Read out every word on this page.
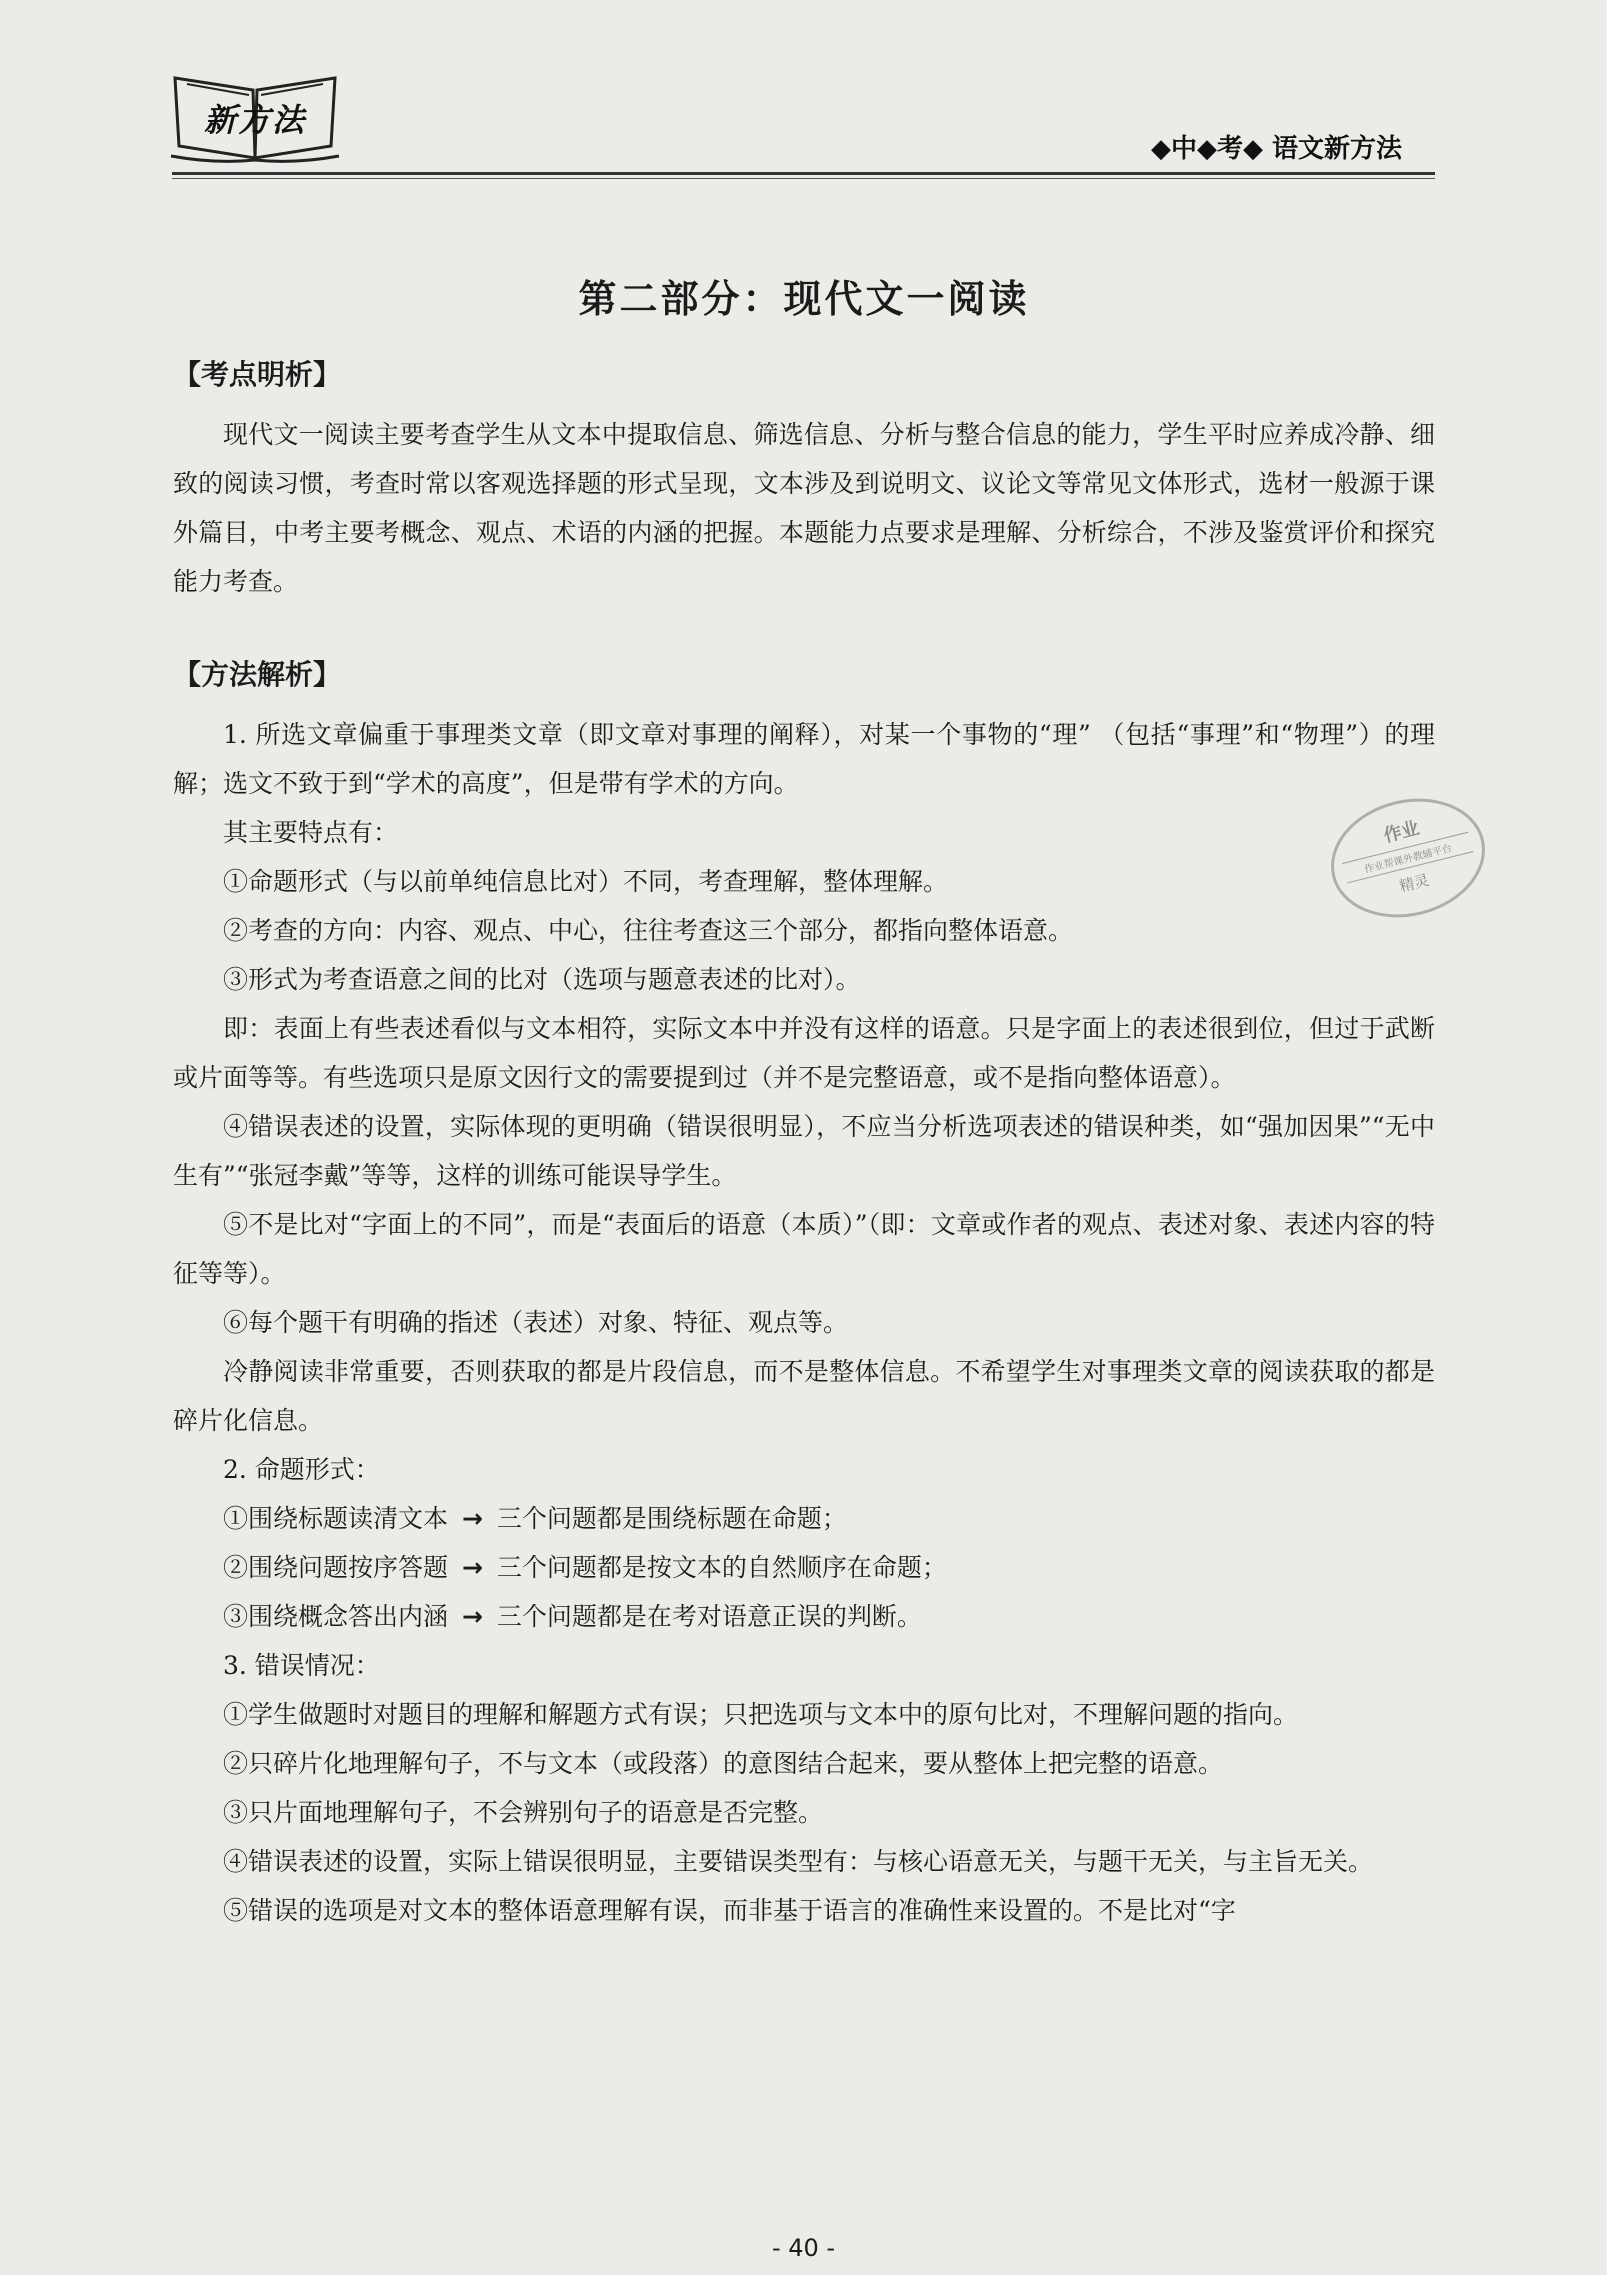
新方法
◆中◆考◆ 语文新方法
作业
作业帮课外教辅平台
精灵
第二部分：现代文一阅读
【考点明析】

现代文一阅读主要考查学生从文本中提取信息、筛选信息、分析与整合信息的能力，学生平时应养成冷静、细致的阅读习惯，考查时常以客观选择题的形式呈现，文本涉及到说明文、议论文等常见文体形式，选材一般源于课外篇目，中考主要考概念、观点、术语的内涵的把握。本题能力点要求是理解、分析综合，不涉及鉴赏评价和探究能力考查。

【方法解析】

1. 所选文章偏重于事理类文章（即文章对事理的阐释），对某一个事物的“理” （包括“事理”和“物理”）的理解；选文不致于到“学术的高度”，但是带有学术的方向。

其主要特点有：

①命题形式（与以前单纯信息比对）不同，考查理解，整体理解。

②考查的方向：内容、观点、中心，往往考查这三个部分，都指向整体语意。

③形式为考查语意之间的比对（选项与题意表述的比对）。

即：表面上有些表述看似与文本相符，实际文本中并没有这样的语意。只是字面上的表述很到位，但过于武断或片面等等。有些选项只是原文因行文的需要提到过（并不是完整语意，或不是指向整体语意）。

④错误表述的设置，实际体现的更明确（错误很明显），不应当分析选项表述的错误种类，如“强加因果”“无中生有”“张冠李戴”等等，这样的训练可能误导学生。

⑤不是比对“字面上的不同”，而是“表面后的语意（本质）”（即：文章或作者的观点、表述对象、表述内容的特征等等）。

⑥每个题干有明确的指述（表述）对象、特征、观点等。

冷静阅读非常重要，否则获取的都是片段信息，而不是整体信息。不希望学生对事理类文章的阅读获取的都是碎片化信息。

2. 命题形式：

①围绕标题读清文本 → 三个问题都是围绕标题在命题；

②围绕问题按序答题 → 三个问题都是按文本的自然顺序在命题；

③围绕概念答出内涵 → 三个问题都是在考对语意正误的判断。

3. 错误情况：

①学生做题时对题目的理解和解题方式有误；只把选项与文本中的原句比对，不理解问题的指向。

②只碎片化地理解句子，不与文本（或段落）的意图结合起来，要从整体上把完整的语意。

③只片面地理解句子，不会辨别句子的语意是否完整。

④错误表述的设置，实际上错误很明显，主要错误类型有：与核心语意无关，与题干无关，与主旨无关。

⑤错误的选项是对文本的整体语意理解有误，而非基于语言的准确性来设置的。不是比对“字

- 40 -
